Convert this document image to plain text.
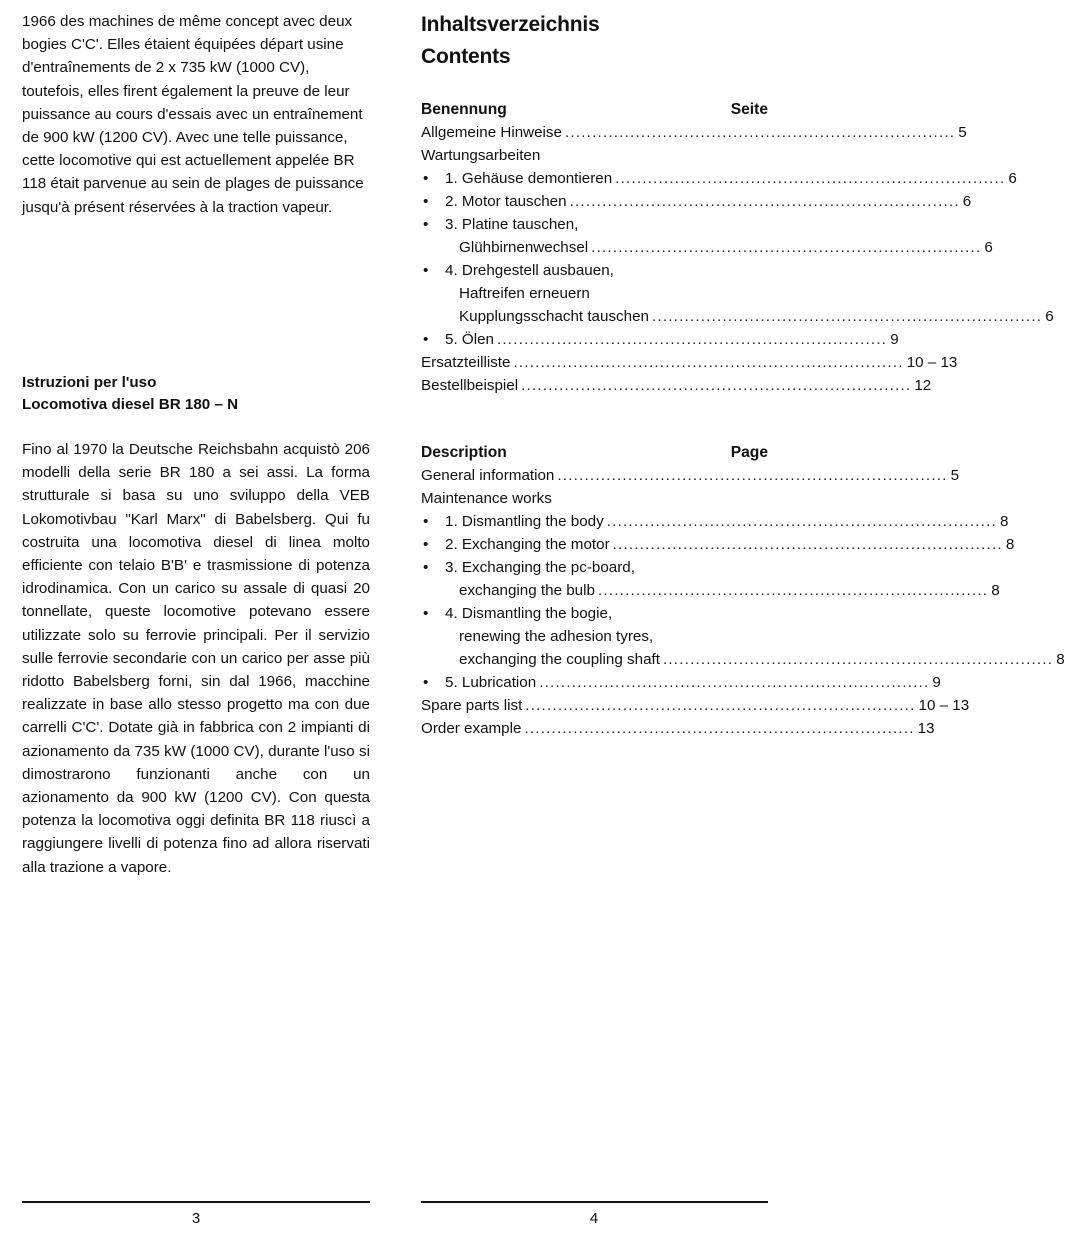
1966 des machines de même concept avec deux bogies C'C'. Elles étaient équipées départ usine d'entraînements de 2 x 735 kW (1000 CV), toutefois, elles firent également la preuve de leur puissance au cours d'essais avec un entraînement de 900 kW (1200 CV). Avec une telle puissance, cette locomotive qui est actuellement appelée BR 118 était parvenue au sein de plages de puissance jusqu'à présent réservées à la traction vapeur.

Istruzioni per l'uso
Locomotiva diesel BR 180 – N

Fino al 1970 la Deutsche Reichsbahn acquistò 206 modelli della serie BR 180 a sei assi. La forma strutturale si basa su uno sviluppo della VEB Lokomotivbau "Karl Marx" di Babelsberg. Qui fu costruita una locomotiva diesel di linea molto efficiente con telaio B'B' e trasmissione di potenza idrodinamica. Con un carico su assale di quasi 20 tonnellate, queste locomotive potevano essere utilizzate solo su ferrovie principali. Per il servizio sulle ferrovie secondarie con un carico per asse più ridotto Babelsberg forni, sin dal 1966, macchine realizzate in base allo stesso progetto ma con due carrelli C'C'. Dotate già in fabbrica con 2 impianti di azionamento da 735 kW (1000 CV), durante l'uso si dimostrarono funzionanti anche con un azionamento da 900 kW (1200 CV). Con questa potenza la locomotiva oggi definita BR 118 riuscì a raggiungere livelli di potenza fino ad allora riservati alla trazione a vapore.

Inhaltsverzeichnis
Contents
Benennung	Seite
Allgemeine Hinweise ........................................................................ 5
Wartungsarbeiten
•	1. Gehäuse demontieren ........................................................................ 6
•	2. Motor tauschen ........................................................................ 6
•	3. Platine tauschen,
Glühbirnenwechsel ........................................................................ 6
•	4. Drehgestell ausbauen,
Haftreifen erneuern
Kupplungsschacht tauschen ........................................................................ 6
•	5. Ölen ........................................................................ 9
Ersatzteilliste ........................................................................ 10 – 13
Bestellbeispiel ........................................................................ 12
Description	Page
General information ........................................................................ 5
Maintenance works
•	1. Dismantling the body ........................................................................ 8
•	2. Exchanging the motor ........................................................................ 8
•	3. Exchanging the pc-board,
exchanging the bulb ........................................................................ 8
•	4. Dismantling the bogie,
renewing the adhesion tyres,
exchanging the coupling shaft ........................................................................ 8
•	5. Lubrication ........................................................................ 9
Spare parts list ........................................................................ 10 – 13
Order example ........................................................................ 13
3	4
